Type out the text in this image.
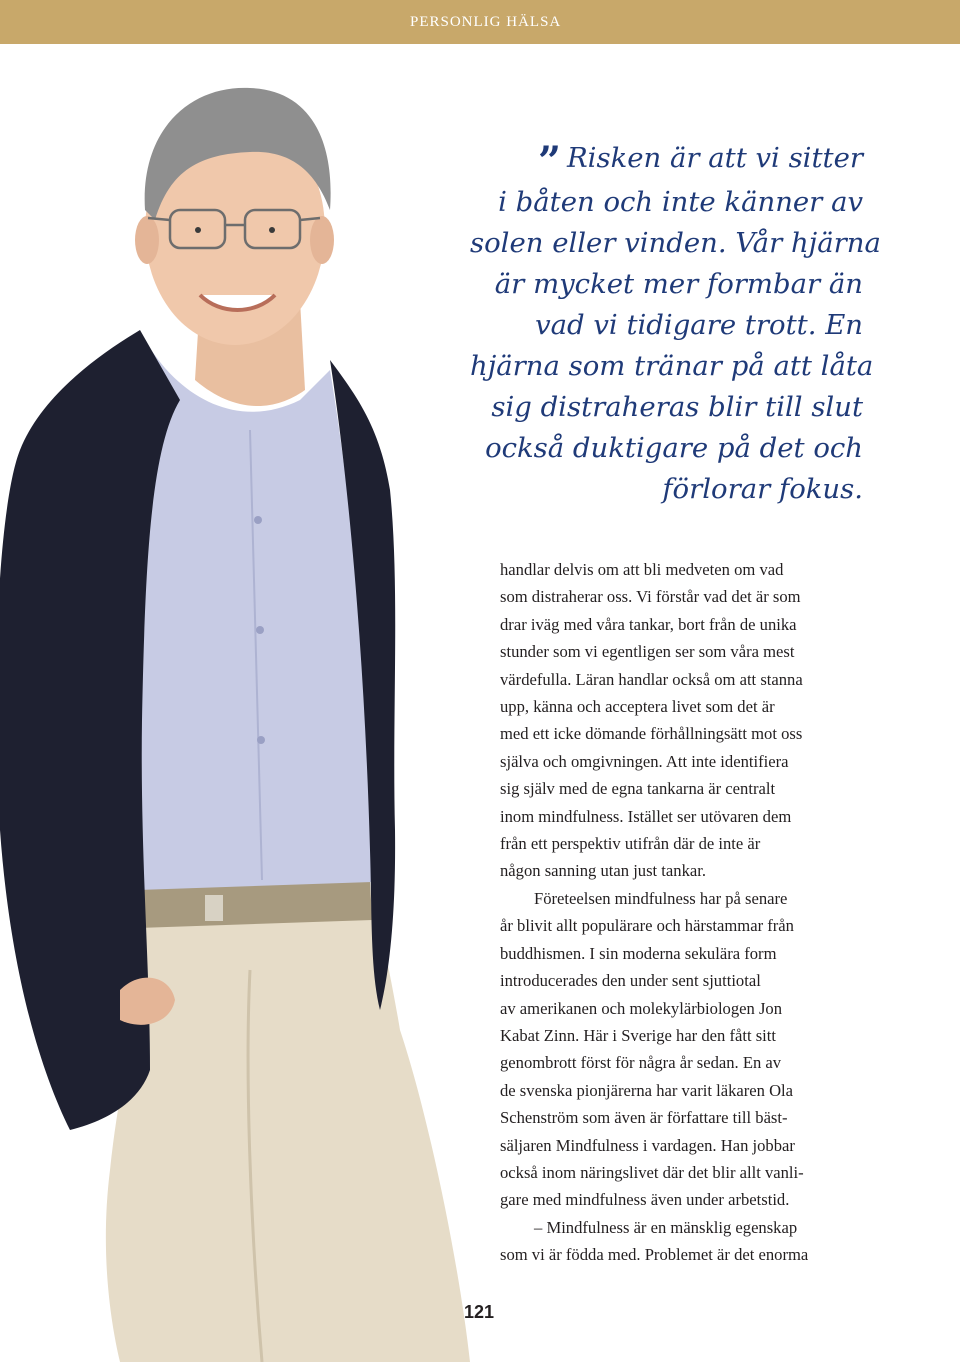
PERSONLIG HÄLSA
” Risken är att vi sitter
i båten och inte känner av
solen eller vinden. Vår hjärna
är mycket mer formbar än
vad vi tidigare trott. En
hjärna som tränar på att låta
sig distraheras blir till slut
också duktigare på det och
förlorar fokus.
handlar delvis om att bli medveten om vad
som distraherar oss. Vi förstår vad det är som
drar iväg med våra tankar, bort från de unika
stunder som vi egentligen ser som våra mest
värdefulla. Läran handlar också om att stanna
upp, känna och acceptera livet som det är
med ett icke dömande förhållningsätt mot oss
själva och omgivningen. Att inte identifiera
sig själv med de egna tankarna är centralt
inom mindfulness. Istället ser utövaren dem
från ett perspektiv utifrån där de inte är
någon sanning utan just tankar.
Företeelsen mindfulness har på senare
år blivit allt populärare och härstammar från
buddhismen. I sin moderna sekulära form
introducerades den under sent sjuttiotal
av amerikanen och molekylärbiologen Jon
Kabat Zinn. Här i Sverige har den fått sitt
genombrott först för några år sedan. En av
de svenska pionjärerna har varit läkaren Ola
Schenström som även är författare till bäst-
säljaren Mindfulness i vardagen. Han jobbar
också inom näringslivet där det blir allt vanli-
gare med mindfulness även under arbetstid.
– Mindfulness är en mänsklig egenskap
som vi är födda med. Problemet är det enorma
121
